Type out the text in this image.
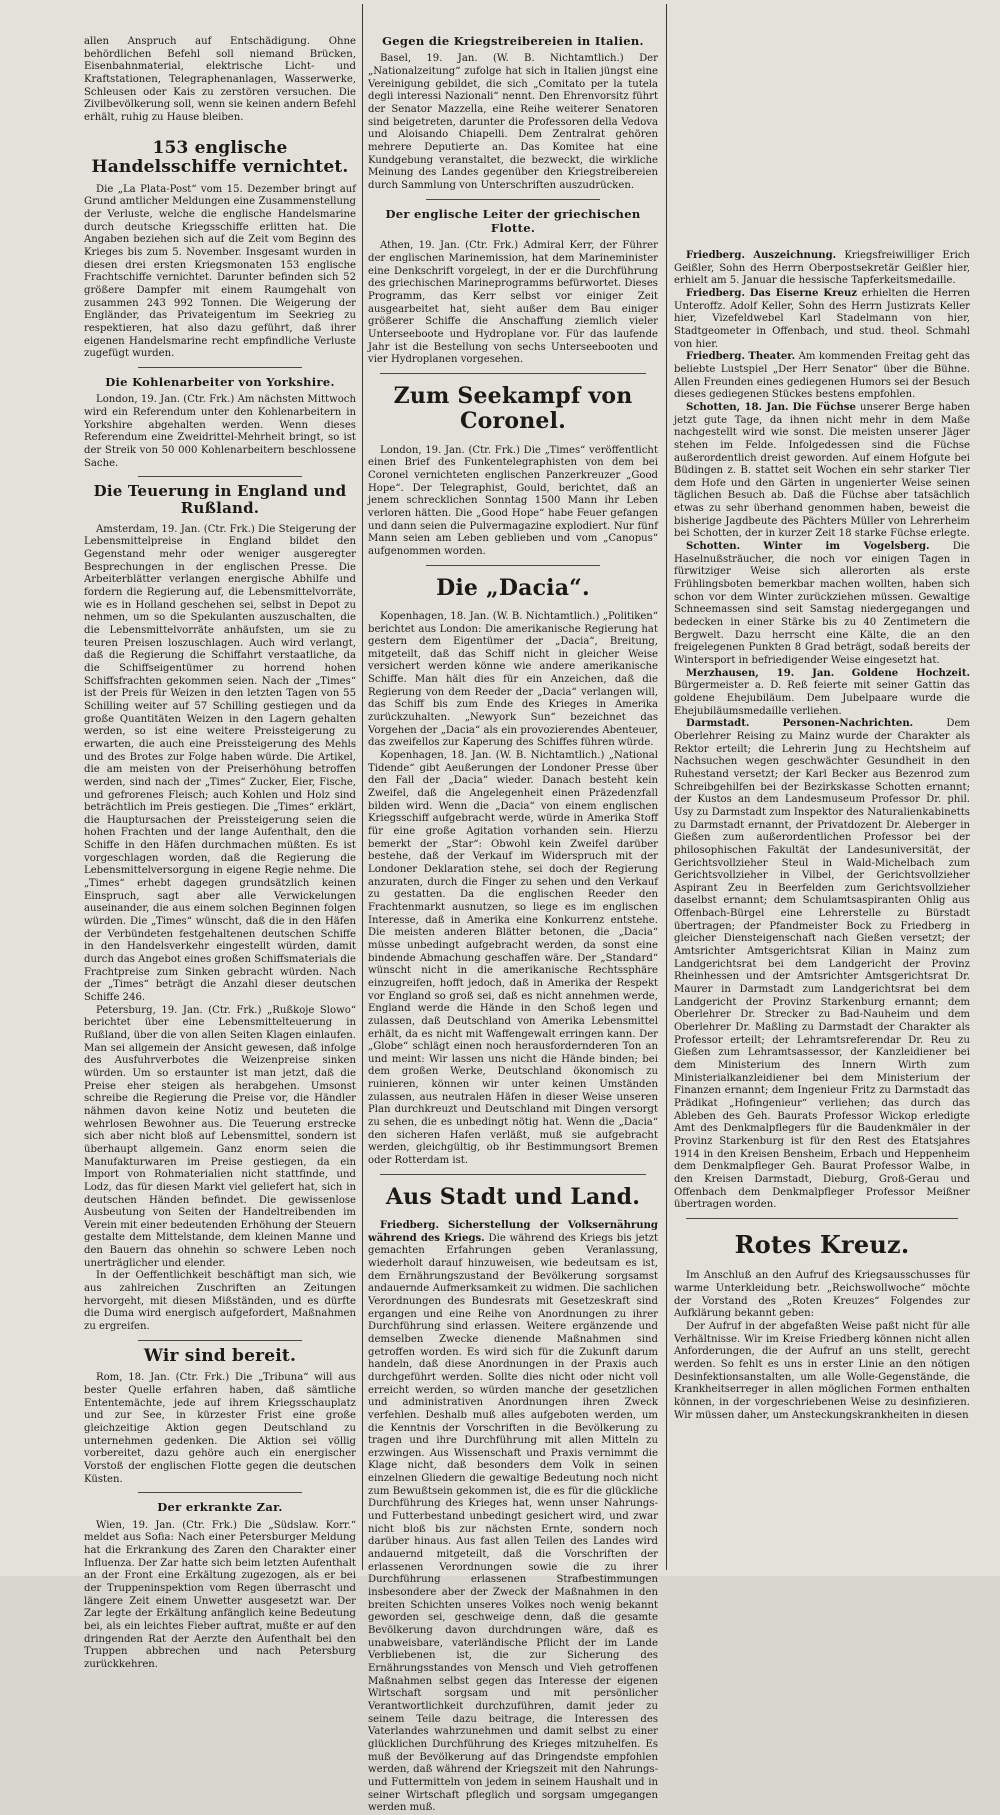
allen Anspruch auf Entschädigung. Ohne behördlichen Befehl soll niemand Brücken, Eisenbahnmaterial, elektrische Licht- und Kraftstationen, Telegraphenanlagen, Wasserwerke, Schleusen oder Kais zu zerstören versuchen. Die Zivilbevölkerung soll, wenn sie keinen andern Befehl erhält, ruhig zu Hause bleiben.

153 englische Handelsschiffe vernichtet.

Die „La Plata-Post“ vom 15. Dezember bringt auf Grund amtlicher Meldungen eine Zusammenstellung der Verluste, welche die englische Handelsmarine durch deutsche Kriegsschiffe erlitten hat. Die Angaben beziehen sich auf die Zeit vom Beginn des Krieges bis zum 5. November. Insgesamt wurden in diesen drei ersten Kriegsmonaten 153 englische Frachtschiffe vernichtet. Darunter befinden sich 52 größere Dampfer mit einem Raumgehalt von zusammen 243 992 Tonnen. Die Weigerung der Engländer, das Privateigentum im Seekrieg zu respektieren, hat also dazu geführt, daß ihrer eigenen Handelsmarine recht empfindliche Verluste zugefügt wurden.

Die Kohlenarbeiter von Yorkshire.

London, 19. Jan. (Ctr. Frk.) Am nächsten Mittwoch wird ein Referendum unter den Kohlenarbeitern in Yorkshire abgehalten werden. Wenn dieses Referendum eine Zweidrittel-Mehrheit bringt, so ist der Streik von 50 000 Kohlenarbeitern beschlossene Sache.

Die Teuerung in England und Rußland.

Amsterdam, 19. Jan. (Ctr. Frk.) Die Steigerung der Lebensmittelpreise in England bildet den Gegenstand mehr oder weniger ausgeregter Besprechungen in der englischen Presse. Die Arbeiterblätter verlangen energische Abhilfe und fordern die Regierung auf, die Lebensmittelvorräte, wie es in Holland geschehen sei, selbst in Depot zu nehmen, um so die Spekulanten auszuschalten, die die Lebensmittelvorräte anhäufsten, um sie zu teuren Preisen loszuschlagen. Auch wird verlangt, daß die Regierung die Schiffahrt verstaatliche, da die Schiffseigentümer zu horrend hohen Schiffsfrachten gekommen seien. Nach der „Times“ ist der Preis für Weizen in den letzten Tagen von 55 Schilling weiter auf 57 Schilling gestiegen und da große Quantitäten Weizen in den Lagern gehalten werden, so ist eine weitere Preissteigerung zu erwarten, die auch eine Preissteigerung des Mehls und des Brotes zur Folge haben würde. Die Artikel, die am meisten von der Preiserhöhung betroffen werden, sind nach der „Times“ Zucker, Eier, Fische, und gefrorenes Fleisch; auch Kohlen und Holz sind beträchtlich im Preis gestiegen. Die „Times“ erklärt, die Hauptursachen der Preissteigerung seien die hohen Frachten und der lange Aufenthalt, den die Schiffe in den Häfen durchmachen müßten. Es ist vorgeschlagen worden, daß die Regierung die Lebensmittelversorgung in eigene Regie nehme. Die „Times“ erhebt dagegen grundsätzlich keinen Einspruch, sagt aber alle Verwickelungen auseinander, die aus einem solchen Beginnen folgen würden. Die „Times“ wünscht, daß die in den Häfen der Verbündeten festgehaltenen deutschen Schiffe in den Handelsverkehr eingestellt würden, damit durch das Angebot eines großen Schiffsmaterials die Frachtpreise zum Sinken gebracht würden. Nach der „Times“ beträgt die Anzahl dieser deutschen Schiffe 246.

Petersburg, 19. Jan. (Ctr. Frk.) „Rußkoje Slowo“ berichtet über eine Lebensmittelteuerung in Rußland, über die von allen Seiten Klagen einlaufen. Man sei allgemein der Ansicht gewesen, daß infolge des Ausfuhrverbotes die Weizenpreise sinken würden. Um so erstaunter ist man jetzt, daß die Preise eher steigen als herabgehen. Umsonst schreibe die Regierung die Preise vor, die Händler nähmen davon keine Notiz und beuteten die wehrlosen Bewohner aus. Die Teuerung erstrecke sich aber nicht bloß auf Lebensmittel, sondern ist überhaupt allgemein. Ganz enorm seien die Manufakturwaren im Preise gestiegen, da ein Import von Rohmaterialien nicht stattfinde, und Lodz, das für diesen Markt viel geliefert hat, sich in deutschen Händen befindet. Die gewissenlose Ausbeutung von Seiten der Handeltreibenden im Verein mit einer bedeutenden Erhöhung der Steuern gestalte dem Mittelstande, dem kleinen Manne und den Bauern das ohnehin so schwere Leben noch unerträglicher und elender.

In der Oeffentlichkeit beschäftigt man sich, wie aus zahlreichen Zuschriften an Zeitungen hervorgeht, mit diesen Mißständen, und es dürfte die Duma wird energisch aufgefordert, Maßnahmen zu ergreifen.

Wir sind bereit.

Rom, 18. Jan. (Ctr. Frk.) Die „Tribuna“ will aus bester Quelle erfahren haben, daß sämtliche Ententemächte, jede auf ihrem Kriegsschauplatz und zur See, in kürzester Frist eine große gleichzeitige Aktion gegen Deutschland zu unternehmen gedenken. Die Aktion sei völlig vorbereitet, dazu gehöre auch ein energischer Vorstoß der englischen Flotte gegen die deutschen Küsten.

Der erkrankte Zar.

Wien, 19. Jan. (Ctr. Frk.) Die „Südslaw. Korr.“ meldet aus Sofia: Nach einer Petersburger Meldung hat die Erkrankung des Zaren den Charakter einer Influenza. Der Zar hatte sich beim letzten Aufenthalt an der Front eine Erkältung zugezogen, als er bei der Truppeninspektion vom Regen überrascht und längere Zeit einem Unwetter ausgesetzt war. Der Zar legte der Erkältung anfänglich keine Bedeutung bei, als ein leichtes Fieber auftrat, mußte er auf den dringenden Rat der Aerzte den Aufenthalt bei den Truppen abbrechen und nach Petersburg zurückkehren.

Gegen die Kriegstreibereien in Italien.

Basel, 19. Jan. (W. B. Nichtamtlich.) Der „Nationalzeitung“ zufolge hat sich in Italien jüngst eine Vereinigung gebildet, die sich „Comitato per la tutela degli interessi Nazionali“ nennt. Den Ehrenvorsitz führt der Senator Mazzella, eine Reihe weiterer Senatoren sind beigetreten, darunter die Professoren della Vedova und Aloisando Chiapelli. Dem Zentralrat gehören mehrere Deputierte an. Das Komitee hat eine Kundgebung veranstaltet, die bezweckt, die wirkliche Meinung des Landes gegenüber den Kriegstreibereien durch Sammlung von Unterschriften auszudrücken.

Der englische Leiter der griechischen Flotte.

Athen, 19. Jan. (Ctr. Frk.) Admiral Kerr, der Führer der englischen Marinemission, hat dem Marineminister eine Denkschrift vorgelegt, in der er die Durchführung des griechischen Marineprogramms befürwortet. Dieses Programm, das Kerr selbst vor einiger Zeit ausgearbeitet hat, sieht außer dem Bau einiger größerer Schiffe die Anschaffung ziemlich vieler Unterseeboote und Hydroplane vor. Für das laufende Jahr ist die Bestellung von sechs Unterseebooten und vier Hydroplanen vorgesehen.

Zum Seekampf von Coronel.

London, 19. Jan. (Ctr. Frk.) Die „Times“ veröffentlicht einen Brief des Funkentelegraphisten von dem bei Coronel vernichteten englischen Panzerkreuzer „Good Hope“. Der Telegraphist, Gould, berichtet, daß an jenem schrecklichen Sonntag 1500 Mann ihr Leben verloren hätten. Die „Good Hope“ habe Feuer gefangen und dann seien die Pulvermagazine explodiert. Nur fünf Mann seien am Leben geblieben und vom „Canopus“ aufgenommen worden.

Die „Dacia“.

Kopenhagen, 18. Jan. (W. B. Nichtamtlich.) „Politiken“ berichtet aus London: Die amerikanische Regierung hat gestern dem Eigentümer der „Dacia“, Breitung, mitgeteilt, daß das Schiff nicht in gleicher Weise versichert werden könne wie andere amerikanische Schiffe. Man hält dies für ein Anzeichen, daß die Regierung von dem Reeder der „Dacia“ verlangen will, das Schiff bis zum Ende des Krieges in Amerika zurückzuhalten. „Newyork Sun“ bezeichnet das Vorgehen der „Dacia“ als ein provozierendes Abenteuer, das zweifellos zur Kaperung des Schiffes führen würde.

Kopenhagen, 18. Jan. (W. B. Nichtamtlich.) „National Tidende“ gibt Aeußerungen der Londoner Presse über den Fall der „Dacia“ wieder. Danach besteht kein Zweifel, daß die Angelegenheit einen Präzedenzfall bilden wird. Wenn die „Dacia“ von einem englischen Kriegsschiff aufgebracht werde, würde in Amerika Stoff für eine große Agitation vorhanden sein. Hierzu bemerkt der „Star“: Obwohl kein Zweifel darüber bestehe, daß der Verkauf im Widerspruch mit der Londoner Deklaration stehe, sei doch der Regierung anzuraten, durch die Finger zu sehen und den Verkauf zu gestatten. Da die englischen Reeder den Frachtenmarkt ausnutzen, so liege es im englischen Interesse, daß in Amerika eine Konkurrenz entstehe. Die meisten anderen Blätter betonen, die „Dacia“ müsse unbedingt aufgebracht werden, da sonst eine bindende Abmachung geschaffen wäre. Der „Standard“ wünscht nicht in die amerikanische Rechtssphäre einzugreifen, hofft jedoch, daß in Amerika der Respekt vor England so groß sei, daß es nicht annehmen werde, England werde die Hände in den Schoß legen und zulassen, daß Deutschland von Amerika Lebensmittel erhält, da es nicht mit Waffengewalt erringen kann. Der „Globe“ schlägt einen noch herausfordernderen Ton an und meint: Wir lassen uns nicht die Hände binden; bei dem großen Werke, Deutschland ökonomisch zu ruinieren, können wir unter keinen Umständen zulassen, aus neutralen Häfen in dieser Weise unseren Plan durchkreuzt und Deutschland mit Dingen versorgt zu sehen, die es unbedingt nötig hat. Wenn die „Dacia“ den sicheren Hafen verläßt, muß sie aufgebracht werden, gleichgültig, ob ihr Bestimmungsort Bremen oder Rotterdam ist.

Aus Stadt und Land.

Friedberg. Sicherstellung der Volksernährung während des Kriegs. Die während des Kriegs bis jetzt gemachten Erfahrungen geben Veranlassung, wiederholt darauf hinzuweisen, wie bedeutsam es ist, dem Ernährungszustand der Bevölkerung sorgsamst andauernde Aufmerksamkeit zu widmen. Die sachlichen Verordnungen des Bundesrats mit Gesetzeskraft sind ergangen und eine Reihe von Anordnungen zu ihrer Durchführung sind erlassen. Weitere ergänzende und demselben Zwecke dienende Maßnahmen sind getroffen worden. Es wird sich für die Zukunft darum handeln, daß diese Anordnungen in der Praxis auch durchgeführt werden. Sollte dies nicht oder nicht voll erreicht werden, so würden manche der gesetzlichen und administrativen Anordnungen ihren Zweck verfehlen. Deshalb muß alles aufgeboten werden, um die Kenntnis der Vorschriften in die Bevölkerung zu tragen und ihre Durchführung mit allen Mitteln zu erzwingen. Aus Wissenschaft und Praxis vernimmt die Klage nicht, daß besonders dem Volk in seinen einzelnen Gliedern die gewaltige Bedeutung noch nicht zum Bewußtsein gekommen ist, die es für die glückliche Durchführung des Krieges hat, wenn unser Nahrungs- und Futterbestand unbedingt gesichert wird, und zwar nicht bloß bis zur nächsten Ernte, sondern noch darüber hinaus. Aus fast allen Teilen des Landes wird andauernd mitgeteilt, daß die Vorschriften der erlassenen Verordnungen sowie die zu ihrer Durchführung erlassenen Strafbestimmungen insbesondere aber der Zweck der Maßnahmen in den breiten Schichten unseres Volkes noch wenig bekannt geworden sei, geschweige denn, daß die gesamte Bevölkerung davon durchdrungen wäre, daß es unabweisbare, vaterländische Pflicht der im Lande Verbliebenen ist, die zur Sicherung des Ernährungsstandes von Mensch und Vieh getroffenen Maßnahmen selbst gegen das Interesse der eigenen Wirtschaft sorgsam und mit persönlicher Verantwortlichkeit durchzuführen, damit jeder zu seinem Teile dazu beitrage, die Interessen des Vaterlandes wahrzunehmen und damit selbst zu einer glücklichen Durchführung des Krieges mitzuhelfen. Es muß der Bevölkerung auf das Dringendste empfohlen werden, daß während der Kriegszeit mit den Nahrungs- und Futtermitteln von jedem in seinem Haushalt und in seiner Wirtschaft pfleglich und sorgsam umgegangen werden muß.

Friedberg. Auszeichnung. Kriegsfreiwilliger Erich Geißler, Sohn des Herrn Oberpostsekretär Geißler hier, erhielt am 5. Januar die hessische Tapferkeitsmedaille.

Friedberg. Das Eiserne Kreuz erhielten die Herren Unteroffz. Adolf Keller, Sohn des Herrn Justizrats Keller hier, Vizefeldwebel Karl Stadelmann von hier, Stadtgeometer in Offenbach, und stud. theol. Schmahl von hier.

Friedberg. Theater. Am kommenden Freitag geht das beliebte Lustspiel „Der Herr Senator“ über die Bühne. Allen Freunden eines gediegenen Humors sei der Besuch dieses gediegenen Stückes bestens empfohlen.

Schotten, 18. Jan. Die Füchse unserer Berge haben jetzt gute Tage, da ihnen nicht mehr in dem Maße nachgestellt wird wie sonst. Die meisten unserer Jäger stehen im Felde. Infolgedessen sind die Füchse außerordentlich dreist geworden. Auf einem Hofgute bei Büdingen z. B. stattet seit Wochen ein sehr starker Tier dem Hofe und den Gärten in ungenierter Weise seinen täglichen Besuch ab. Daß die Füchse aber tatsächlich etwas zu sehr überhand genommen haben, beweist die bisherige Jagdbeute des Pächters Müller von Lehrerheim bei Schotten, der in kurzer Zeit 18 starke Füchse erlegte.

Schotten. Winter im Vogelsberg. Die Haselnußsträucher, die noch vor einigen Tagen in fürwitziger Weise sich allerorten als erste Frühlingsboten bemerkbar machen wollten, haben sich schon vor dem Winter zurückziehen müssen. Gewaltige Schneemassen sind seit Samstag niedergegangen und bedecken in einer Stärke bis zu 40 Zentimetern die Bergwelt. Dazu herrscht eine Kälte, die an den freigelegenen Punkten 8 Grad beträgt, sodaß bereits der Wintersport in befriedigender Weise eingesetzt hat.

Merzhausen, 19. Jan. Goldene Hochzeit. Bürgermeister a. D. Reß feierte mit seiner Gattin das goldene Ehejubiläum. Dem Jubelpaare wurde die Ehejubiläumsmedaille verliehen.

Darmstadt.	Personen-Nachrichten.	Dem Oberlehrer Reising zu Mainz wurde der Charakter als Rektor erteilt; die Lehrerin Jung zu Hechtsheim auf Nachsuchen wegen geschwächter Gesundheit in den Ruhestand versetzt; der Karl Becker aus Bezenrod zum Schreibgehilfen bei der Bezirkskasse Schotten ernannt; der Kustos an dem Landesmuseum Professor Dr. phil. Usy zu Darmstadt zum Inspektor des Naturalienkabinetts zu Darmstadt ernannt, der Privatdozent Dr. Aleberger in Gießen zum außerordentlichen Professor bei der philosophischen Fakultät der Landesuniversität, der Gerichtsvollzieher Steul in Wald-Michelbach zum Gerichtsvollzieher in Vilbel, der Gerichtsvollzieher Aspirant Zeu in Beerfelden zum Gerichtsvollzieher daselbst ernannt; dem Schulamtsaspiranten Ohlig aus Offenbach-Bürgel eine Lehrerstelle zu Bürstadt übertragen; der Pfandmeister Bock zu Friedberg in gleicher Diensteigenschaft nach Gießen versetzt; der Amtsrichter Amtsgerichtsrat Kilian in Mainz zum Landgerichtsrat bei dem Landgericht der Provinz Rheinhessen und der Amtsrichter Amtsgerichtsrat Dr. Maurer in Darmstadt zum Landgerichtsrat bei dem Landgericht der Provinz Starkenburg ernannt; dem Oberlehrer Dr. Strecker zu Bad-Nauheim und dem Oberlehrer Dr. Maßling zu Darmstadt der Charakter als Professor erteilt; der Lehramtsreferendar Dr. Reu zu Gießen zum Lehramtsassessor, der Kanzleidiener bei dem Ministerium des Innern Wirth zum Ministerialkanzleidiener bei dem Ministerium der Finanzen ernannt; dem Ingenieur Fritz zu Darmstadt das Prädikat „Hofingenieur“ verliehen; das durch das Ableben des Geh. Baurats Professor Wickop erledigte Amt des Denkmalpflegers für die Baudenkmäler in der Provinz Starkenburg ist für den Rest des Etatsjahres 1914 in den Kreisen Bensheim, Erbach und Heppenheim dem Denkmalpfleger Geh. Baurat Professor Walbe, in den Kreisen Darmstadt, Dieburg, Groß-Gerau und Offenbach dem Denkmalpfleger Professor Meißner übertragen worden.

Rotes Kreuz.

Im Anschluß an den Aufruf des Kriegsausschusses für warme Unterkleidung betr. „Reichswollwoche“ möchte der Vorstand des „Roten Kreuzes“ Folgendes zur Aufklärung bekannt geben:

Der Aufruf in der abgefaßten Weise paßt nicht für alle Verhältnisse. Wir im Kreise Friedberg können nicht allen Anforderungen, die der Aufruf an uns stellt, gerecht werden. So fehlt es uns in erster Linie an den nötigen Desinfektionsanstalten, um alle Wolle-Gegenstände, die Krankheitserreger in allen möglichen Formen enthalten können, in der vorgeschriebenen Weise zu desinfizieren. Wir müssen daher, um Ansteckungskrankheiten in diesen
